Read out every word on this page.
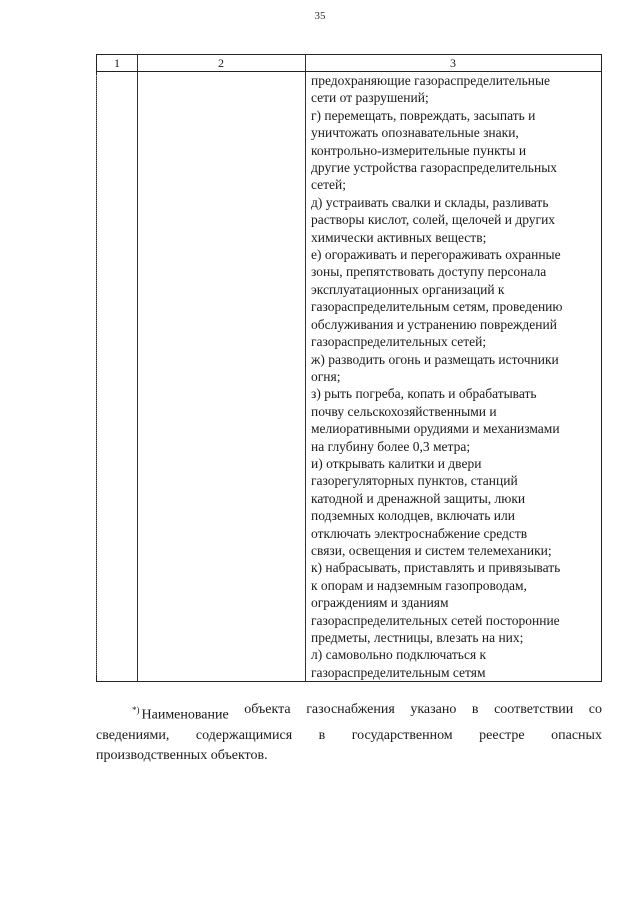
35
1	2	3
предохраняющие газораспределительные
сети от разрушений;
г) перемещать, повреждать, засыпать и
уничтожать опознавательные знаки,
контрольно-измерительные пункты и
другие устройства газораспределительных
сетей;
д) устраивать свалки и склады, разливать
растворы кислот, солей, щелочей и других
химически активных веществ;
е) огораживать и перегораживать охранные
зоны, препятствовать доступу персонала
эксплуатационных организаций к
газораспределительным сетям, проведению
обслуживания и устранению повреждений
газораспределительных сетей;
ж) разводить огонь и размещать источники
огня;
з) рыть погреба, копать и обрабатывать
почву сельскохозяйственными и
мелиоративными орудиями и механизмами
на глубину более 0,3 метра;
и) открывать калитки и двери
газорегуляторных пунктов, станций
катодной и дренажной защиты, люки
подземных колодцев, включать или
отключать электроснабжение средств
связи, освещения и систем телемеханики;
к) набрасывать, приставлять и привязывать
к опорам и надземным газопроводам,
ограждениям и зданиям
газораспределительных сетей посторонние
предметы, лестницы, влезать на них;
л) самовольно подключаться к
газораспределительным сетям
*) Наименование объекта газоснабжения указано в соответствии со
сведениями, содержащимися в государственном реестре опасных
производственных объектов.
